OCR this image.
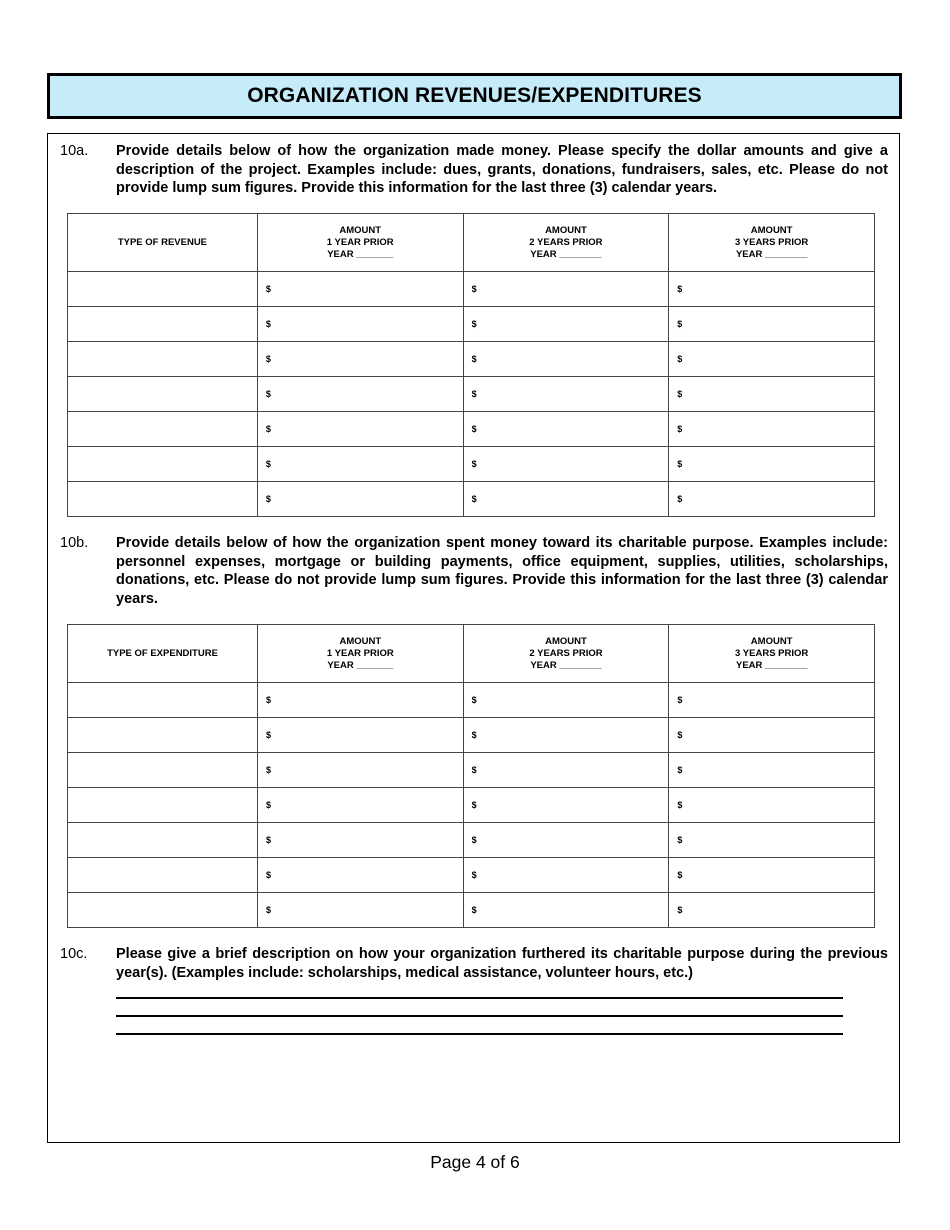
ORGANIZATION REVENUES/EXPENDITURES
10a. Provide details below of how the organization made money. Please specify the dollar amounts and give a description of the project. Examples include: dues, grants, donations, fundraisers, sales, etc. Please do not provide lump sum figures. Provide this information for the last three (3) calendar years.
TYPE OF REVENUE	AMOUNT
1 YEAR PRIOR
YEAR _______	AMOUNT
2 YEARS PRIOR
YEAR ________	AMOUNT
3 YEARS PRIOR
YEAR ________
	$	$	$
	$	$	$
	$	$	$
	$	$	$
	$	$	$
	$	$	$
	$	$	$
10b. Provide details below of how the organization spent money toward its charitable purpose. Examples include: personnel expenses, mortgage or building payments, office equipment, supplies, utilities, scholarships, donations, etc. Please do not provide lump sum figures. Provide this information for the last three (3) calendar years.
TYPE OF EXPENDITURE	AMOUNT
1 YEAR PRIOR
YEAR _______	AMOUNT
2 YEARS PRIOR
YEAR ________	AMOUNT
3 YEARS PRIOR
YEAR ________
	$	$	$
	$	$	$
	$	$	$
	$	$	$
	$	$	$
	$	$	$
	$	$	$
10c. Please give a brief description on how your organization furthered its charitable purpose during the previous year(s). (Examples include: scholarships, medical assistance, volunteer hours, etc.)
Page 4 of 6
